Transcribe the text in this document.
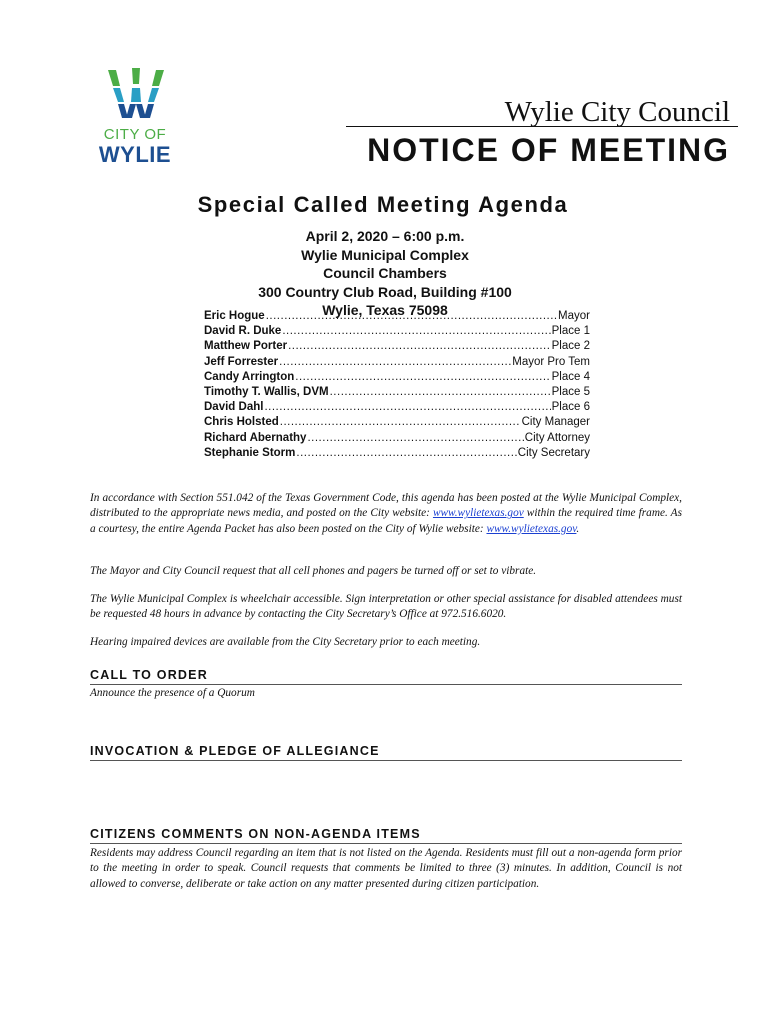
CITY OF
WYLIE
Wylie City Council
NOTICE OF MEETING
Special Called Meeting Agenda
April 2, 2020 – 6:00 p.m.
Wylie Municipal Complex
Council Chambers
300 Country Club Road, Building #100
Wylie, Texas 75098
Eric Hogue .....	Mayor
David R. Duke .....	Place 1
Matthew Porter .....	Place 2
Jeff Forrester .....	Mayor Pro Tem
Candy Arrington .....	Place 4
Timothy T. Wallis, DVM .....	Place 5
David Dahl .....	Place 6
Chris Holsted .....	City Manager
Richard Abernathy .....	City Attorney
Stephanie Storm .....	City Secretary
In accordance with Section 551.042 of the Texas Government Code, this agenda has been posted at the Wylie Municipal Complex, distributed to the appropriate news media, and posted on the City website: www.wylietexas.gov within the required time frame. As a courtesy, the entire Agenda Packet has also been posted on the City of Wylie website: www.wylietexas.gov.
The Mayor and City Council request that all cell phones and pagers be turned off or set to vibrate.
The Wylie Municipal Complex is wheelchair accessible. Sign interpretation or other special assistance for disabled attendees must be requested 48 hours in advance by contacting the City Secretary’s Office at 972.516.6020.
Hearing impaired devices are available from the City Secretary prior to each meeting.
CALL TO ORDER
Announce the presence of a Quorum
INVOCATION & PLEDGE OF ALLEGIANCE
CITIZENS COMMENTS ON NON-AGENDA ITEMS
Residents may address Council regarding an item that is not listed on the Agenda. Residents must fill out a non-agenda form prior to the meeting in order to speak. Council requests that comments be limited to three (3) minutes. In addition, Council is not allowed to converse, deliberate or take action on any matter presented during citizen participation.
